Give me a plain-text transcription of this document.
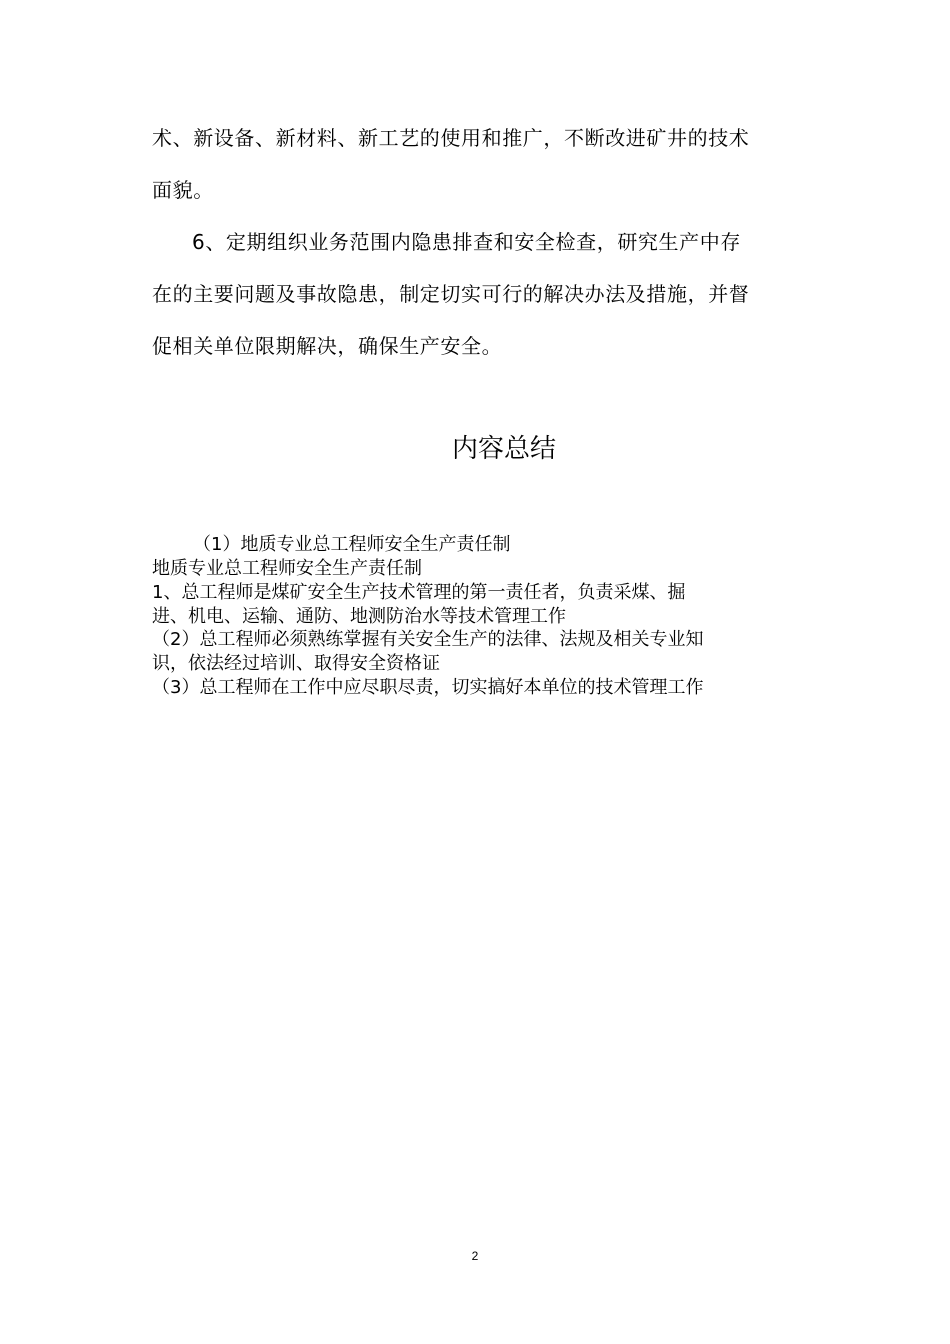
术、新设备、新材料、新工艺的使用和推广，不断改进矿井的技术
面貌。
6、定期组织业务范围内隐患排查和安全检查，研究生产中存
在的主要问题及事故隐患，制定切实可行的解决办法及措施，并督
促相关单位限期解决，确保生产安全。
内容总结
（1）地质专业总工程师安全生产责任制
地质专业总工程师安全生产责任制
1、总工程师是煤矿安全生产技术管理的第一责任者，负责采煤、掘
进、机电、运输、通防、地测防治水等技术管理工作
（2）总工程师必须熟练掌握有关安全生产的法律、法规及相关专业知
识，依法经过培训、取得安全资格证
（3）总工程师在工作中应尽职尽责，切实搞好本单位的技术管理工作
2
